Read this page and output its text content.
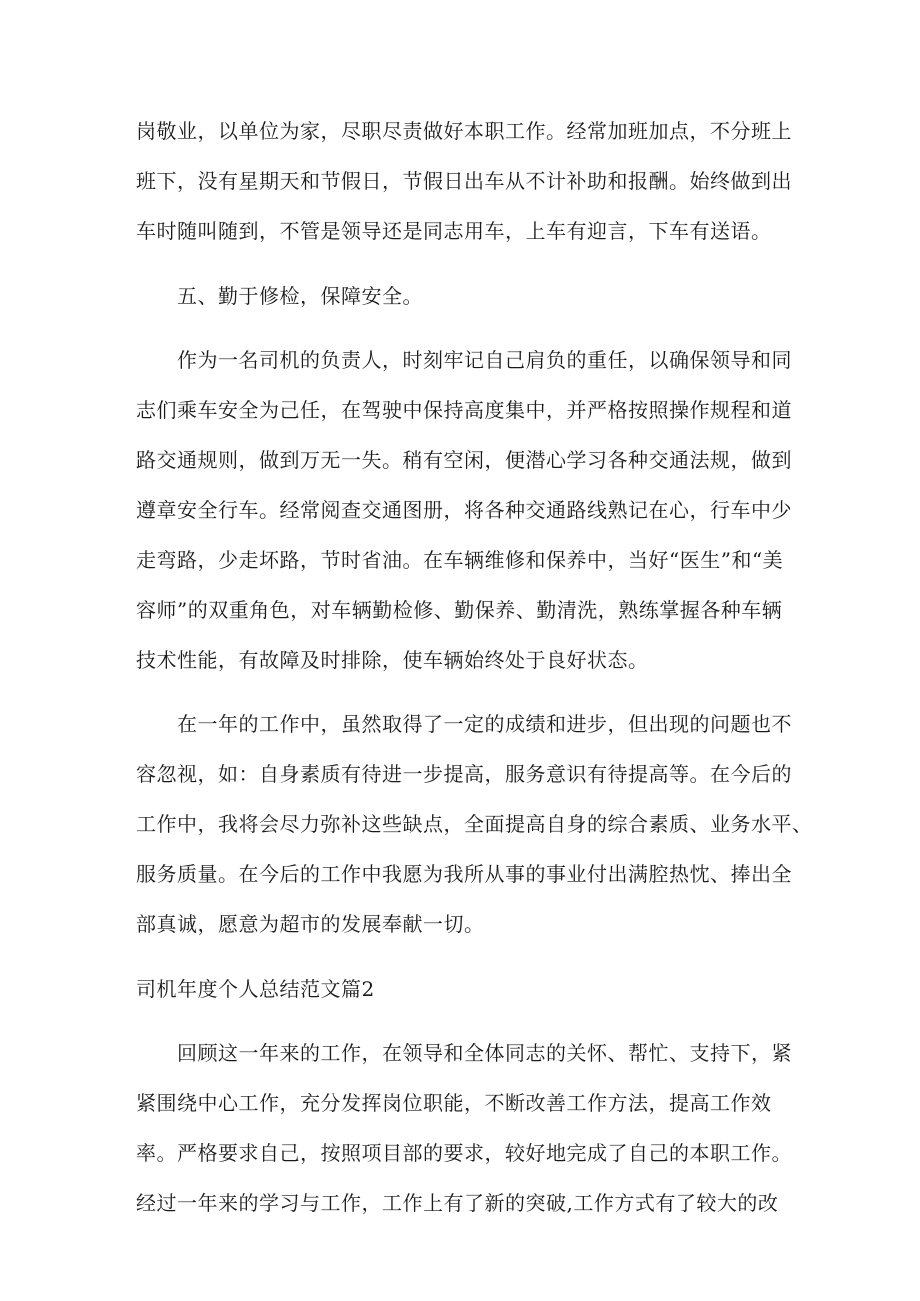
岗敬业，以单位为家，尽职尽责做好本职工作。经常加班加点，不分班上
班下，没有星期天和节假日，节假日出车从不计补助和报酬。始终做到出
车时随叫随到，不管是领导还是同志用车，上车有迎言，下车有送语。
五、勤于修检，保障安全。
作为一名司机的负责人，时刻牢记自己肩负的重任，以确保领导和同
志们乘车安全为己任，在驾驶中保持高度集中，并严格按照操作规程和道
路交通规则，做到万无一失。稍有空闲，便潜心学习各种交通法规，做到
遵章安全行车。经常阅查交通图册，将各种交通路线熟记在心，行车中少
走弯路，少走坏路，节时省油。在车辆维修和保养中，当好“医生”和“美
容师”的双重角色，对车辆勤检修、勤保养、勤清洗，熟练掌握各种车辆
技术性能，有故障及时排除，使车辆始终处于良好状态。
在一年的工作中，虽然取得了一定的成绩和进步，但出现的问题也不
容忽视，如：自身素质有待进一步提高，服务意识有待提高等。在今后的
工作中，我将会尽力弥补这些缺点，全面提高自身的综合素质、业务水平、
服务质量。在今后的工作中我愿为我所从事的事业付出满腔热忱、捧出全
部真诚，愿意为超市的发展奉献一切。
司机年度个人总结范文篇2
回顾这一年来的工作，在领导和全体同志的关怀、帮忙、支持下，紧
紧围绕中心工作，充分发挥岗位职能，不断改善工作方法，提高工作效
率。严格要求自己，按照项目部的要求，较好地完成了自己的本职工作。
经过一年来的学习与工作，工作上有了新的突破,工作方式有了较大的改
